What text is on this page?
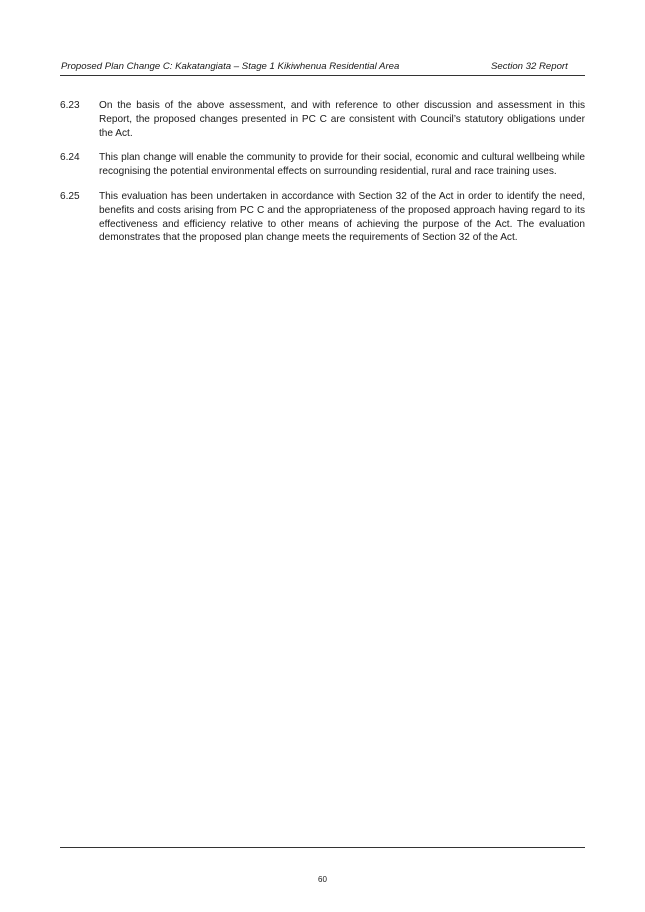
Proposed Plan Change C: Kakatangiata – Stage 1 Kikiwhenua Residential Area	Section 32 Report
6.23	On the basis of the above assessment, and with reference to other discussion and assessment in this Report, the proposed changes presented in PC C are consistent with Council’s statutory obligations under the Act.
6.24	This plan change will enable the community to provide for their social, economic and cultural wellbeing while recognising the potential environmental effects on surrounding residential, rural and race training uses.
6.25	This evaluation has been undertaken in accordance with Section 32 of the Act in order to identify the need, benefits and costs arising from PC C and the appropriateness of the proposed approach having regard to its effectiveness and efficiency relative to other means of achieving the purpose of the Act. The evaluation demonstrates that the proposed plan change meets the requirements of Section 32 of the Act.
60
